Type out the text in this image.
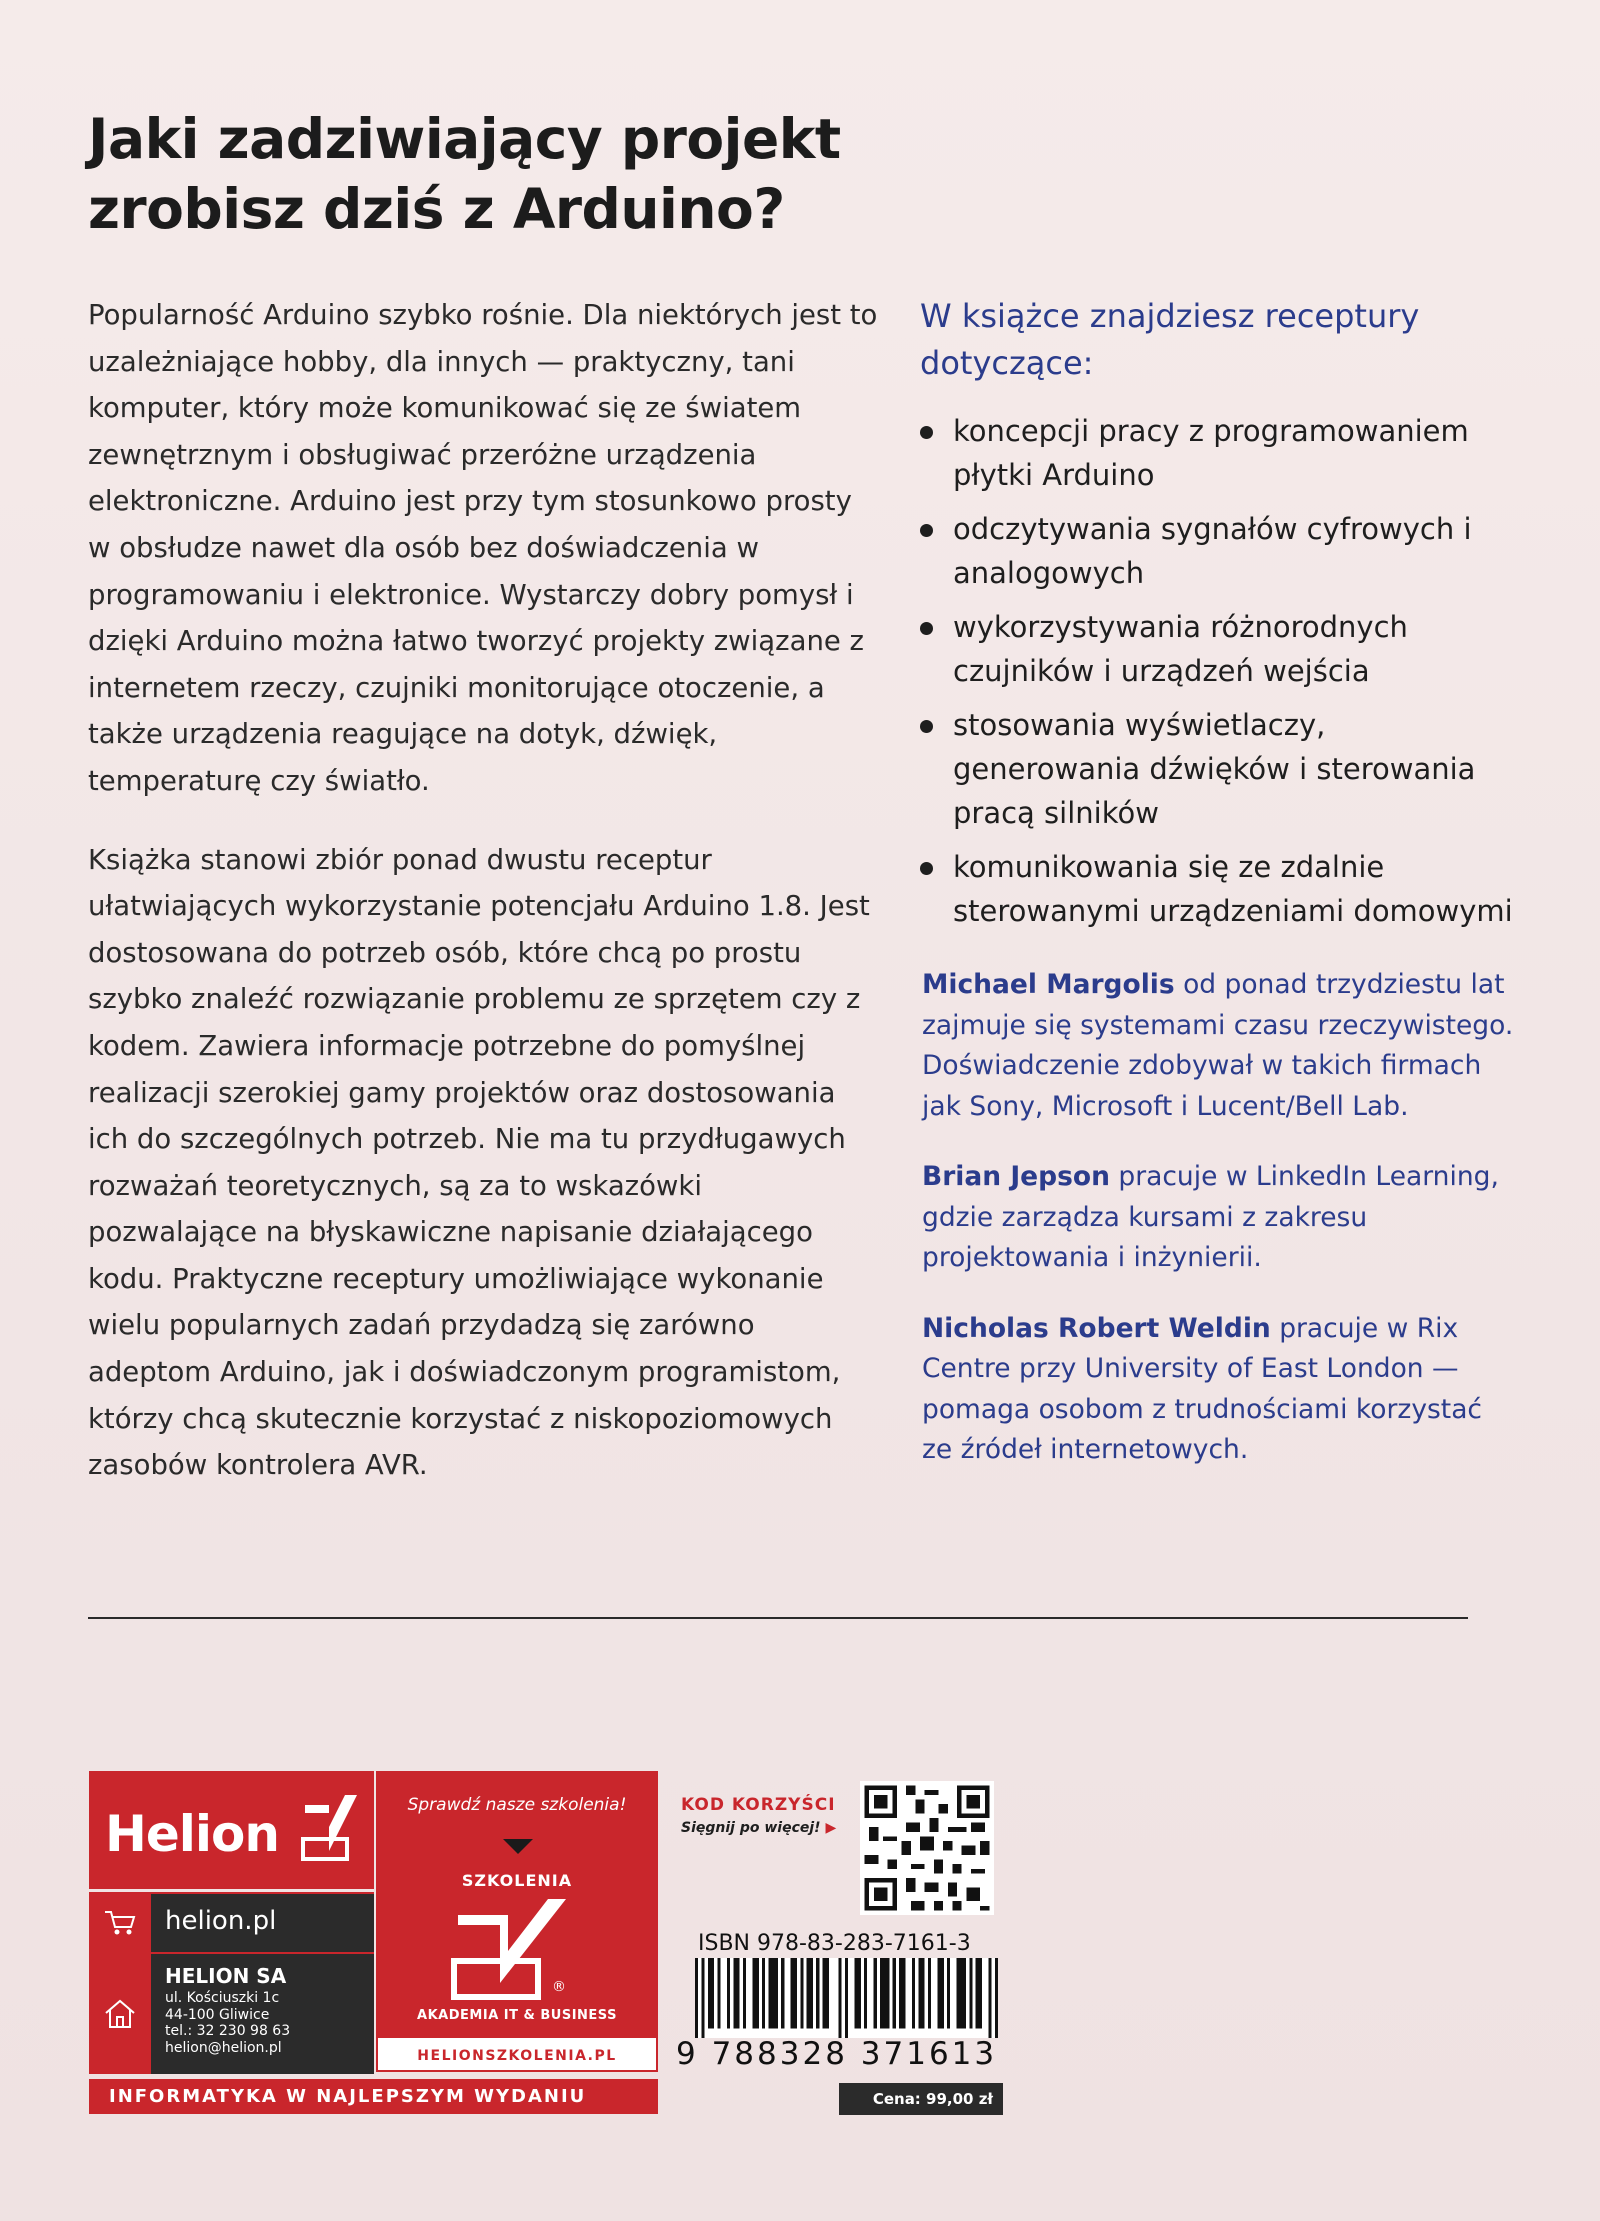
Jaki zadziwiający projekt
zrobisz dziś z Arduino?

Popularność Arduino szybko rośnie. Dla niektórych jest to uzależniające hobby, dla innych — praktyczny, tani komputer, który może komunikować się ze światem zewnętrznym i obsługiwać przeróżne urządzenia elektroniczne. Arduino jest przy tym stosunkowo prosty w obsłudze nawet dla osób bez doświadczenia w programowaniu i elektronice. Wystarczy dobry pomysł i dzięki Arduino można łatwo tworzyć projekty związane z internetem rzeczy, czujniki monitorujące otoczenie, a także urządzenia reagujące na dotyk, dźwięk, temperaturę czy światło.

Książka stanowi zbiór ponad dwustu receptur ułatwiających wykorzystanie potencjału Arduino 1.8. Jest dostosowana do potrzeb osób, które chcą po prostu szybko znaleźć rozwiązanie problemu ze sprzętem czy z kodem. Zawiera informacje potrzebne do pomyślnej realizacji szerokiej gamy projektów oraz dostosowania ich do szczególnych potrzeb. Nie ma tu przydługawych rozważań teoretycznych, są za to wskazówki pozwalające na błyskawiczne napisanie działającego kodu. Praktyczne receptury umożliwiające wykonanie wielu popularnych zadań przydadzą się zarówno adeptom Arduino, jak i doświadczonym programistom, którzy chcą skutecznie korzystać z niskopoziomowych zasobów kontrolera AVR.

W książce znajdziesz receptury dotyczące:
koncepcji pracy z programowaniem płytki Arduino
odczytywania sygnałów cyfrowych i analogowych
wykorzystywania różnorodnych czujników i urządzeń wejścia
stosowania wyświetlaczy, generowania dźwięków i sterowania pracą silników
komunikowania się ze zdalnie sterowanymi urządzeniami domowymi

Michael Margolis od ponad trzydziestu lat zajmuje się systemami czasu rzeczywistego. Doświadczenie zdobywał w takich firmach jak Sony, Microsoft i Lucent/Bell Lab.

Brian Jepson pracuje w LinkedIn Learning, gdzie zarządza kursami z zakresu projektowania i inżynierii.

Nicholas Robert Weldin pracuje w Rix Centre przy University of East London — pomaga osobom z trudnościami korzystać ze źródeł internetowych.

Helion
helion.pl
HELION SA
ul. Kościuszki 1c
44-100 Gliwice
tel.: 32 230 98 63
helion@helion.pl
Sprawdź nasze szkolenia!
SZKOLENIA
®
AKADEMIA IT & BUSINESS
HELIONSZKOLENIA.PL
INFORMATYKA W NAJLEPSZYM WYDANIU
KOD KORZYŚCI
Sięgnij po więcej! ▶
ISBN 978-83-283-7161-3
9 788328 371613
Cena: 99,00 zł
